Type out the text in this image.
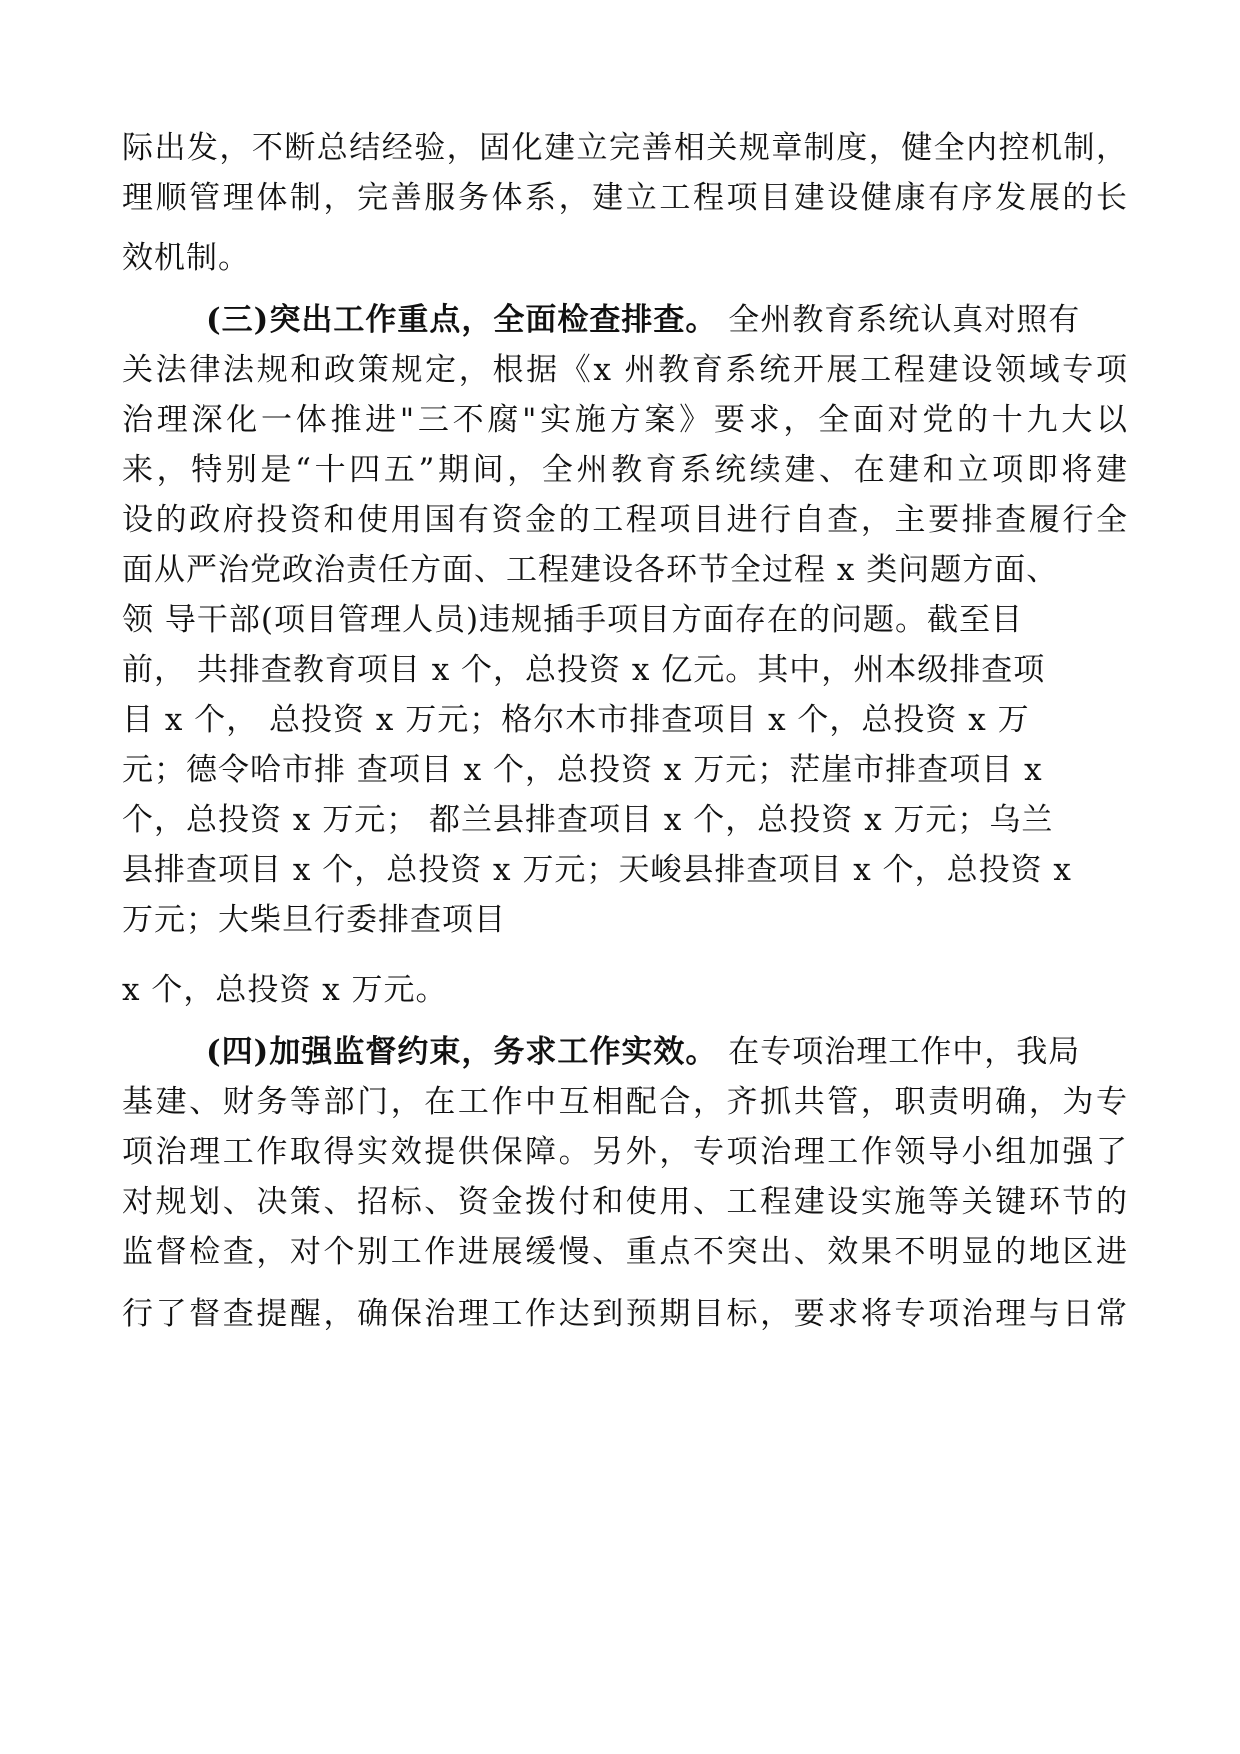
际出发，不断总结经验，固化建立完善相关规章制度，健全内控机制，
理顺管理体制，完善服务体系，建立工程项目建设健康有序发展的长
效机制。
(三)突出工作重点，全面检查排查。 全州教育系统认真对照有
关法律法规和政策规定，根据《x 州教育系统开展工程建设领域专项
治理深化一体推进"三不腐"实施方案》要求，全面对党的十九大以
来，特别是“十四五”期间，全州教育系统续建、在建和立项即将建
设的政府投资和使用国有资金的工程项目进行自查，主要排查履行全
面从严治党政治责任方面、工程建设各环节全过程 x 类问题方面、
领 导干部(项目管理人员)违规插手项目方面存在的问题。截至目
前， 共排查教育项目 x 个，总投资 x 亿元。其中，州本级排查项
目 x 个， 总投资 x 万元；格尔木市排查项目 x 个，总投资 x 万
元；德令哈市排 查项目 x 个，总投资 x 万元；茫崖市排查项目 x
个，总投资 x 万元； 都兰县排查项目 x 个，总投资 x 万元；乌兰
县排查项目 x 个，总投资 x 万元；天峻县排查项目 x 个，总投资 x
万元；大柴旦行委排查项目
x 个，总投资 x 万元。
(四)加强监督约束，务求工作实效。 在专项治理工作中，我局
基建、财务等部门，在工作中互相配合，齐抓共管，职责明确，为专
项治理工作取得实效提供保障。另外，专项治理工作领导小组加强了
对规划、决策、招标、资金拨付和使用、工程建设实施等关键环节的
监督检查，对个别工作进展缓慢、重点不突出、效果不明显的地区进
行了督查提醒，确保治理工作达到预期目标，要求将专项治理与日常
